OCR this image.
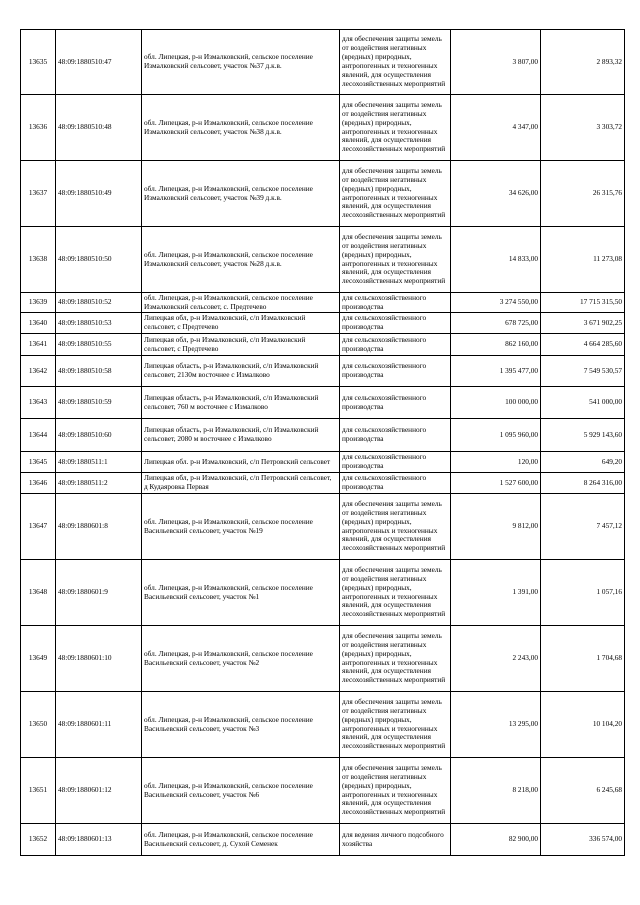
13635	48:09:1880510:47	обл. Липецкая, р-н Измалковский, сельское поселение Измалковский сельсовет, участок №37 д.к.в.	для обеспечения защиты земель от воздействия негативных (вредных) природных, антропогенных и техногенных явлений, для осуществления лесохозяйственных мероприятий	3 807,00	2 893,32
13636	48:09:1880510:48	обл. Липецкая, р-н Измалковский, сельское поселение Измалковский сельсовет, участок №38 д.к.в.	для обеспечения защиты земель от воздействия негативных (вредных) природных, антропогенных и техногенных явлений, для осуществления лесохозяйственных мероприятий	4 347,00	3 303,72
13637	48:09:1880510:49	обл. Липецкая, р-н Измалковский, сельское поселение Измалковский сельсовет, участок №39 д.к.в.	для обеспечения защиты земель от воздействия негативных (вредных) природных, антропогенных и техногенных явлений, для осуществления лесохозяйственных мероприятий	34 626,00	26 315,76
13638	48:09:1880510:50	обл. Липецкая, р-н Измалковский, сельское поселение Измалковский сельсовет, участок №28 д.к.в.	для обеспечения защиты земель от воздействия негативных (вредных) природных, антропогенных и техногенных явлений, для осуществления лесохозяйственных мероприятий	14 833,00	11 273,08
13639	48:09:1880510:52	обл. Липецкая, р-н Измалковский, сельское поселение Измалковский сельсовет, с. Предтечево	для сельскохозяйственного производства	3 274 550,00	17 715 315,50
13640	48:09:1880510:53	Липецкая обл, р-н Измалковский, с/п Измалковский сельсовет, с Предтечево	для сельскохозяйственного производства	678 725,00	3 671 902,25
13641	48:09:1880510:55	Липецкая обл, р-н Измалковский, с/п Измалковский сельсовет, с Предтечево	для сельскохозяйственного производства	862 160,00	4 664 285,60
13642	48:09:1880510:58	Липецкая область, р-н Измалковский, с/п Измалковский сельсовет, 2130м восточнее с Измалково	для сельскохозяйственного производства	1 395 477,00	7 549 530,57
13643	48:09:1880510:59	Липецкая область, р-н Измалковский, с/п Измалковский сельсовет, 760 м восточнее с Измалково	для сельскохозяйственного производства	100 000,00	541 000,00
13644	48:09:1880510:60	Липецкая область, р-н Измалковский, с/п Измалковский сельсовет, 2080 м восточнее с Измалково	для сельскохозяйственного производства	1 095 960,00	5 929 143,60
13645	48:09:1880511:1	Липецкая обл. р-н Измалковский, с/п Петровский сельсовет	для сельскохозяйственного производства	120,00	649,20
13646	48:09:1880511:2	Липецкая обл, р-н Измалковский, с/п Петровский сельсовет, д Кудаяровка Первая	для сельскохозяйственного производства	1 527 600,00	8 264 316,00
13647	48:09:1880601:8	обл. Липецкая, р-н Измалковский, сельское поселение Васильевский сельсовет, участок №19	для обеспечения защиты земель от воздействия негативных (вредных) природных, антропогенных и техногенных явлений, для осуществления лесохозяйственных мероприятий	9 812,00	7 457,12
13648	48:09:1880601:9	обл. Липецкая, р-н Измалковский, сельское поселение Васильевский сельсовет, участок №1	для обеспечения защиты земель от воздействия негативных (вредных) природных, антропогенных и техногенных явлений, для осуществления лесохозяйственных мероприятий	1 391,00	1 057,16
13649	48:09:1880601:10	обл. Липецкая, р-н Измалковский, сельское поселение Васильевский сельсовет, участок №2	для обеспечения защиты земель от воздействия негативных (вредных) природных, антропогенных и техногенных явлений, для осуществления лесохозяйственных мероприятий	2 243,00	1 704,68
13650	48:09:1880601:11	обл. Липецкая, р-н Измалковский, сельское поселение Васильевский сельсовет, участок №3	для обеспечения защиты земель от воздействия негативных (вредных) природных, антропогенных и техногенных явлений, для осуществления лесохозяйственных мероприятий	13 295,00	10 104,20
13651	48:09:1880601:12	обл. Липецкая, р-н Измалковский, сельское поселение Васильевский сельсовет, участок №6	для обеспечения защиты земель от воздействия негативных (вредных) природных, антропогенных и техногенных явлений, для осуществления лесохозяйственных мероприятий	8 218,00	6 245,68
13652	48:09:1880601:13	обл. Липецкая, р-н Измалковский, сельское поселение Васильевский сельсовет, д. Сухой Семенек	для ведения личного подсобного хозяйства	82 900,00	336 574,00
